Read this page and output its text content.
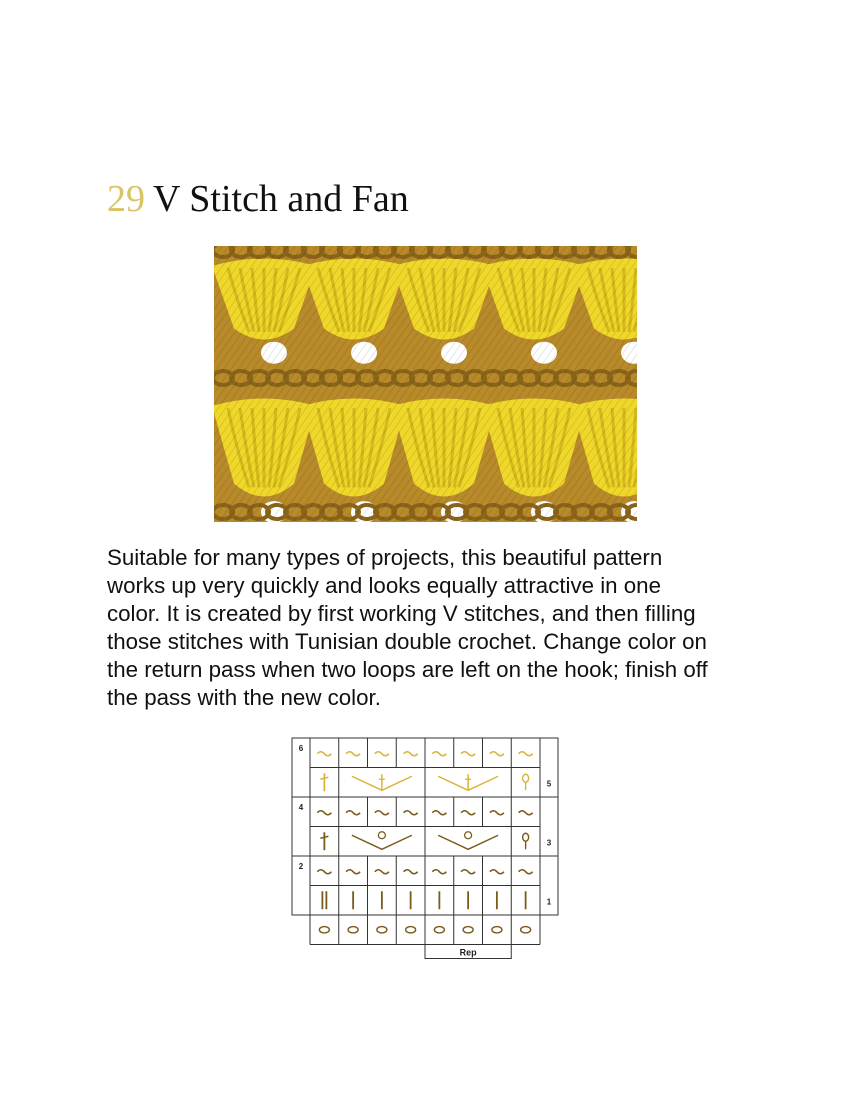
29 V Stitch and Fan

Suitable for many types of projects, this beautiful pattern
works up very quickly and looks equally attractive in one
color. It is created by first working V stitches, and then filling
those stitches with Tunisian double crochet. Change color on
the return pass when two loops are left on the hook; finish off
the pass with the new color.

Rep
6
4
2
5
3
1
